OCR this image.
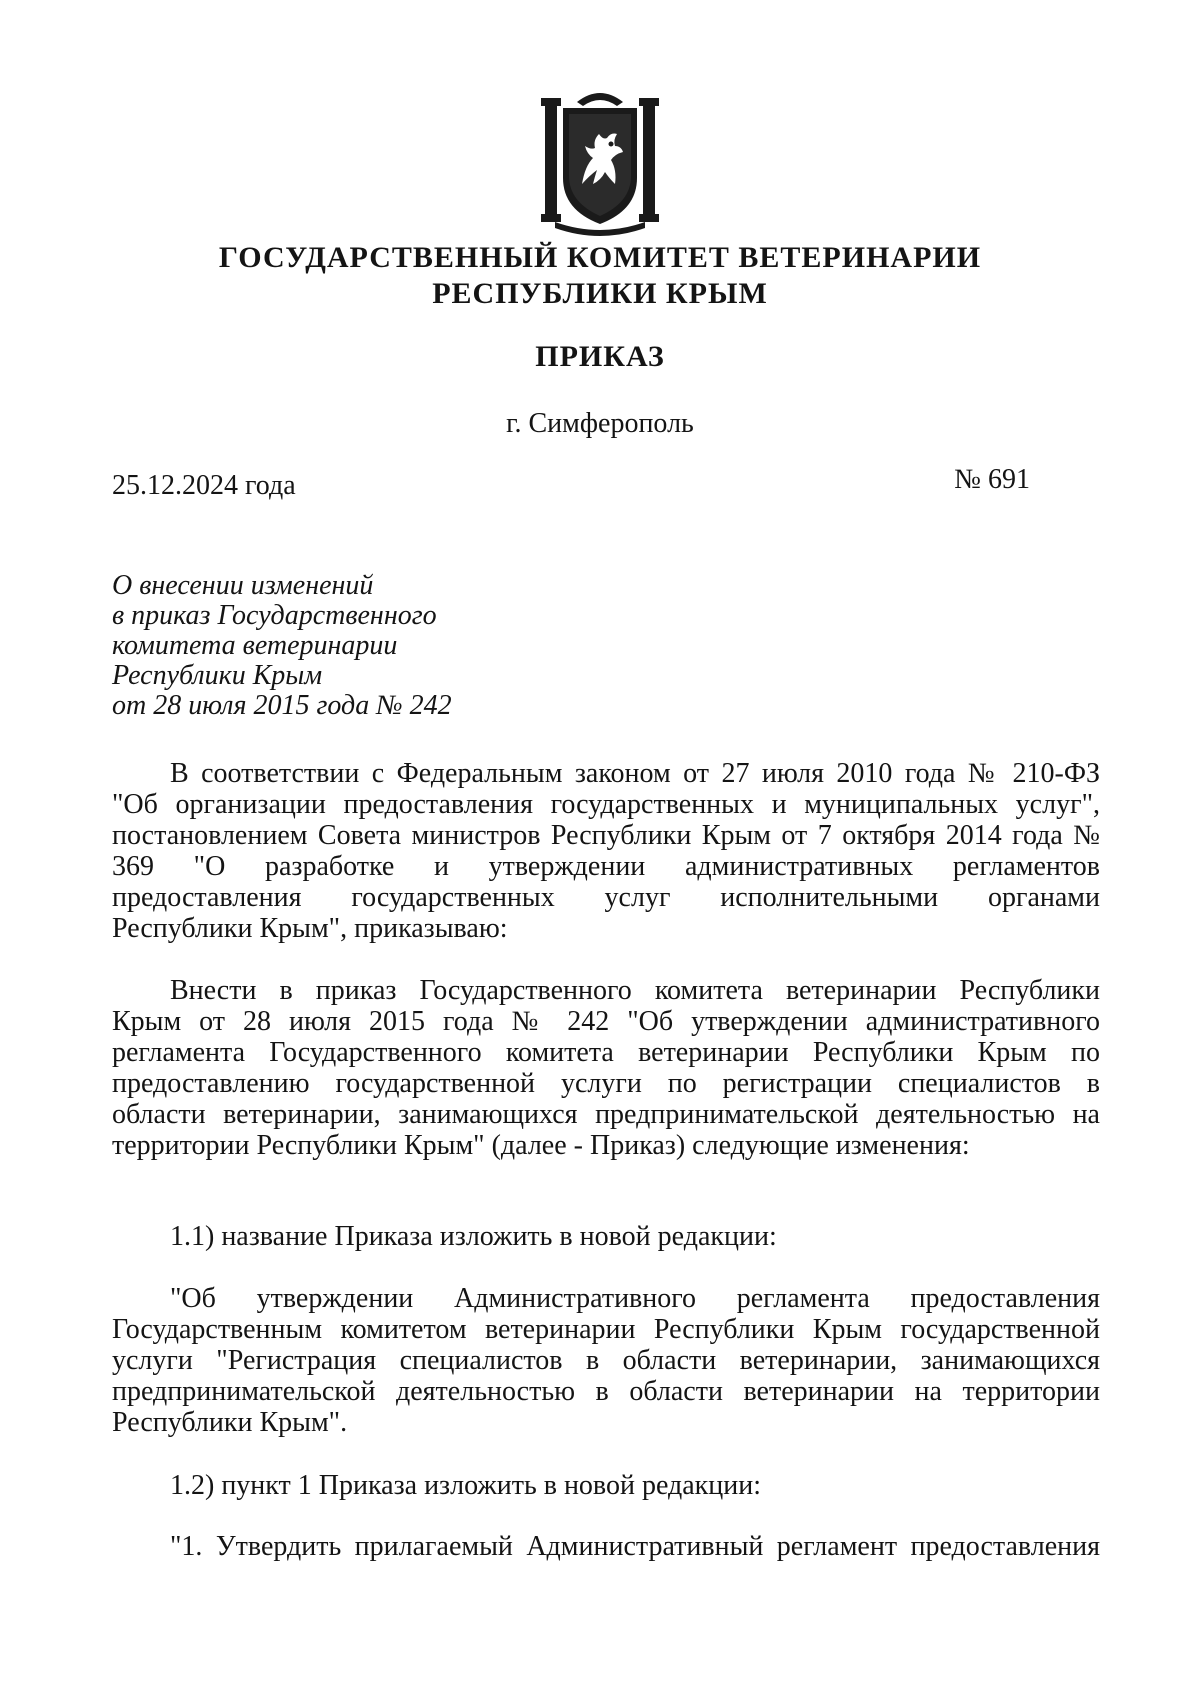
ГОСУДАРСТВЕННЫЙ КОМИТЕТ ВЕТЕРИНАРИИ
РЕСПУБЛИКИ КРЫМ
ПРИКАЗ
г. Симферополь
25.12.2024 года	№ 691
О внесении изменений
в приказ Государственного
комитета ветеринарии
Республики Крым
от 28 июля 2015 года № 242
В соответствии с Федеральным законом от 27 июля 2010 года № 210-ФЗ
"Об организации предоставления государственных и муниципальных услуг",
постановлением Совета министров Республики Крым от 7 октября 2014 года №
369 "О разработке и утверждении административных регламентов
предоставления государственных услуг исполнительными органами
Республики Крым", приказываю:
Внести в приказ Государственного комитета ветеринарии Республики
Крым от 28 июля 2015 года № 242 "Об утверждении административного
регламента Государственного комитета ветеринарии Республики Крым по
предоставлению государственной услуги по регистрации специалистов в
области ветеринарии, занимающихся предпринимательской деятельностью на
территории Республики Крым" (далее - Приказ) следующие изменения:
1.1) название Приказа изложить в новой редакции:
"Об утверждении Административного регламента предоставления
Государственным комитетом ветеринарии Республики Крым государственной
услуги "Регистрация специалистов в области ветеринарии, занимающихся
предпринимательской деятельностью в области ветеринарии на территории
Республики Крым".
1.2) пункт 1 Приказа изложить в новой редакции:
"1. Утвердить прилагаемый Административный регламент предоставления
